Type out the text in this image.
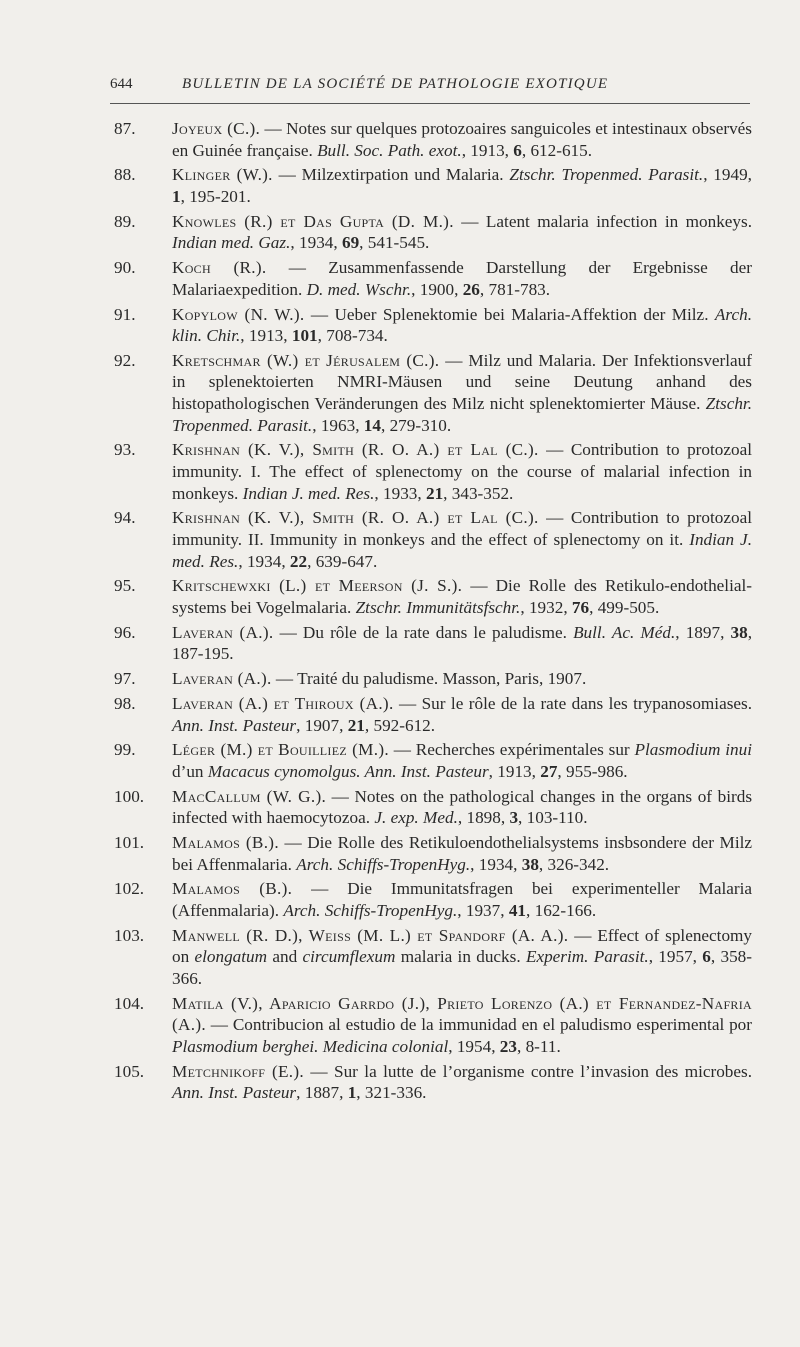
644	BULLETIN DE LA SOCIÉTÉ DE PATHOLOGIE EXOTIQUE
87.	Joyeux (C.). — Notes sur quelques protozoaires sanguicoles et intestinaux observés en Guinée française. Bull. Soc. Path. exot., 1913, 6, 612-615.
88.	Klinger (W.). — Milzextirpation und Malaria. Ztschr. Tropenmed. Parasit., 1949, 1, 195-201.
89.	Knowles (R.) et Das Gupta (D. M.). — Latent malaria infection in monkeys. Indian med. Gaz., 1934, 69, 541-545.
90.	Koch (R.). — Zusammenfassende Darstellung der Ergebnisse der Malariaexpedition. D. med. Wschr., 1900, 26, 781-783.
91.	Kopylow (N. W.). — Ueber Splenektomie bei Malaria-Affektion der Milz. Arch. klin. Chir., 1913, 101, 708-734.
92.	Kretschmar (W.) et Jérusalem (C.). — Milz und Malaria. Der Infektionsverlauf in splenektoierten NMRI-Mäusen und seine Deutung anhand des histopathologischen Veränderungen des Milz nicht splenektomierter Mäuse. Ztschr. Tropenmed. Parasit., 1963, 14, 279-310.
93.	Krishnan (K. V.), Smith (R. O. A.) et Lal (C.). — Contribution to protozoal immunity. I. The effect of splenectomy on the course of malarial infection in monkeys. Indian J. med. Res., 1933, 21, 343-352.
94.	Krishnan (K. V.), Smith (R. O. A.) et Lal (C.). — Contribution to protozoal immunity. II. Immunity in monkeys and the effect of splenectomy on it. Indian J. med. Res., 1934, 22, 639-647.
95.	Kritschewxki (L.) et Meerson (J. S.). — Die Rolle des Retikulo-endothelial-systems bei Vogelmalaria. Ztschr. Immunitätsfschr., 1932, 76, 499-505.
96.	Laveran (A.). — Du rôle de la rate dans le paludisme. Bull. Ac. Méd., 1897, 38, 187-195.
97.	Laveran (A.). — Traité du paludisme. Masson, Paris, 1907.
98.	Laveran (A.) et Thiroux (A.). — Sur le rôle de la rate dans les trypanosomiases. Ann. Inst. Pasteur, 1907, 21, 592-612.
99.	Léger (M.) et Bouilliez (M.). — Recherches expérimentales sur Plasmodium inui d’un Macacus cynomolgus. Ann. Inst. Pasteur, 1913, 27, 955-986.
100.	MacCallum (W. G.). — Notes on the pathological changes in the organs of birds infected with haemocytozoa. J. exp. Med., 1898, 3, 103-110.
101.	Malamos (B.). — Die Rolle des Retikuloendothelialsystems insbsondere der Milz bei Affenmalaria. Arch. Schiffs-TropenHyg., 1934, 38, 326-342.
102.	Malamos (B.). — Die Immunitatsfragen bei experimenteller Malaria (Affenmalaria). Arch. Schiffs-TropenHyg., 1937, 41, 162-166.
103.	Manwell (R. D.), Weiss (M. L.) et Spandorf (A. A.). — Effect of splenectomy on elongatum and circumflexum malaria in ducks. Experim. Parasit., 1957, 6, 358-366.
104.	Matila (V.), Aparicio Garrdo (J.), Prieto Lorenzo (A.) et Fernandez-Nafria (A.). — Contribucion al estudio de la immunidad en el paludismo esperimental por Plasmodium berghei. Medicina colonial, 1954, 23, 8-11.
105.	Metchnikoff (E.). — Sur la lutte de l’organisme contre l’invasion des microbes. Ann. Inst. Pasteur, 1887, 1, 321-336.
